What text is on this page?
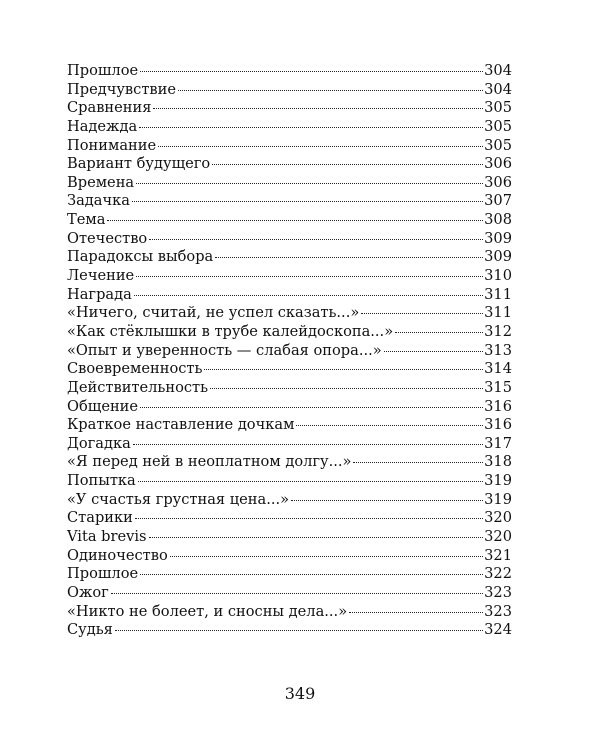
Прошлое	304
Предчувствие	304
Сравнения	305
Надежда	305
Понимание	305
Вариант будущего	306
Времена	306
Задачка	307
Тема	308
Отечество	309
Парадоксы выбора	309
Лечение	310
Награда	311
«Ничего, считай, не успел сказать...»	311
«Как стёклышки в трубе калейдоскопа...»	312
«Опыт и уверенность — слабая опора...»	313
Своевременность	314
Действительность	315
Общение	316
Краткое наставление дочкам	316
Догадка	317
«Я перед ней в неоплатном долгу...»	318
Попытка	319
«У счастья грустная цена...»	319
Старики	320
Vita brevis	320
Одиночество	321
Прошлое	322
Ожог	323
«Никто не болеет, и сносны дела...»	323
Судья	324
349
